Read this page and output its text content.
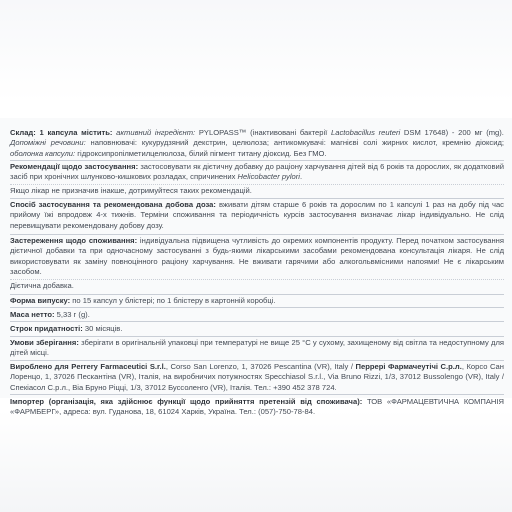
Склад: 1 капсула містить: активний інгредієнт: PYLOPASS™ (інактивовані бактерії Lactobacillus reuteri DSM 17648) - 200 мг (mg). Допоміжні речовини: наповнювачі: кукурудзяний декстрин, целюлоза; антикомкувачі: магнієві солі жирних кислот, кремнію діоксид; оболонка капсули: гідроксипропілметилцелюлоза, білий пігмент титану діоксид. Без ГМО.

Рекомендації щодо застосування: застосовувати як дієтичну добавку до раціону харчування дітей від 6 років та дорослих, як додатковий засіб при хронічних шлунково-кишкових розладах, спричинених Helicobacter pylori.

Якщо лікар не призначив інакше, дотримуйтеся таких рекомендацій.

Спосіб застосування та рекомендована добова доза: вживати дітям старше 6 років та дорослим по 1 капсулі 1 раз на добу під час прийому їжі впродовж 4-х тижнів. Терміни споживання та періодичність курсів застосування визначає лікар індивідуально. Не слід перевищувати рекомендовану добову дозу.

Застереження щодо споживання: індивідуальна підвищена чутливість до окремих компонентів продукту. Перед початком застосування дієтичної добавки та при одночасному застосуванні з будь-якими лікарськими засобами рекомендована консультація лікаря. Не слід використовувати як заміну повноцінного раціону харчування. Не вживати гарячими або алкогольвмісними напоями! Не є лікарським засобом.

Дієтична добавка.

Форма випуску: по 15 капсул у блістері; по 1 блістеру в картонній коробці.

Маса нетто: 5,33 г (g).

Строк придатності: 30 місяців.

Умови зберігання: зберігати в оригінальній упаковці при температурі не вище 25 °С у сухому, захищеному від світла та недоступному для дітей місці.

Вироблено для Perrery Farmaceutici S.r.l., Corso San Lorenzo, 1, 37026 Pescantina (VR), Italy / Перрері Фармачеутічі С.р.л., Корсо Сан Лоренцо, 1, 37026 Пескантіна (VR), Італія, на виробничих потужностях Specchiasol S.r.l., Via Bruno Rizzi, 1/3, 37012 Bussolengo (VR), Italy / Спекіасол С.р.л., Віа Бруно Ріцці, 1/3, 37012 Буссоленго (VR), Італія. Тел.: +390 452 378 724.

Імпортер (організація, яка здійснює функції щодо прийняття претензій від споживача): ТОВ «ФАРМАЦЕВТИЧНА КОМПАНІЯ «ФАРМБЕРГ», адреса: вул. Гуданова, 18, 61024 Харків, Україна. Тел.: (057)-750-78-84.
